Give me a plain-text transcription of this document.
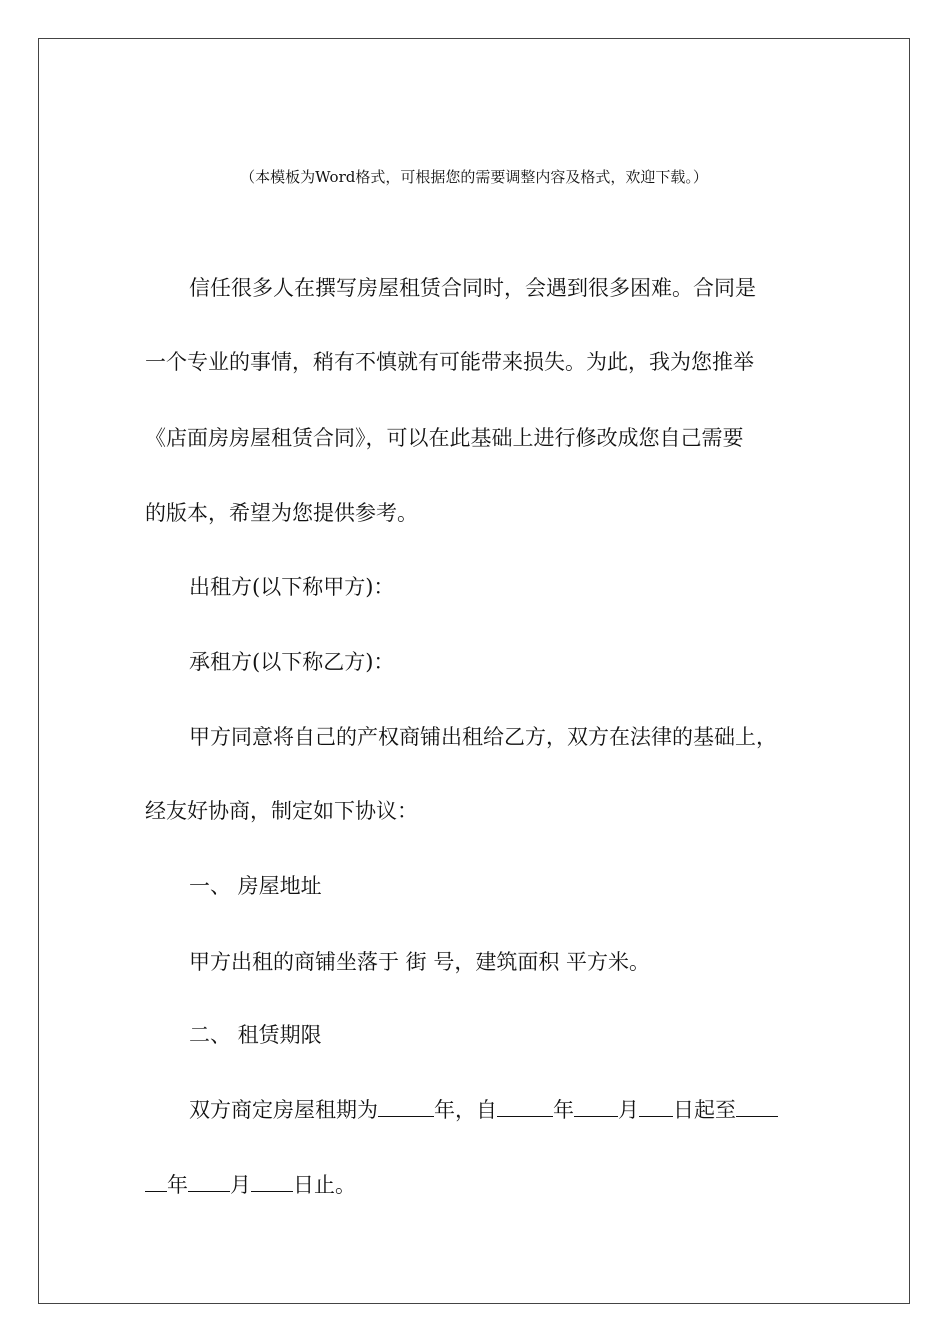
（本模板为Word格式，可根据您的需要调整内容及格式，欢迎下载。）
信任很多人在撰写房屋租赁合同时，会遇到很多困难。合同是
一个专业的事情，稍有不慎就有可能带来损失。为此，我为您推举
《店面房房屋租赁合同》，可以在此基础上进行修改成您自己需要
的版本，希望为您提供参考。
出租方(以下称甲方)：
承租方(以下称乙方)：
甲方同意将自己的产权商铺出租给乙方，双方在法律的基础上，
经友好协商，制定如下协议：
一、 房屋地址
甲方出租的商铺坐落于 街 号，建筑面积 平方米。
二、 租赁期限
双方商定房屋租期为	年，自	年 月 日起至
年 月 日止。
